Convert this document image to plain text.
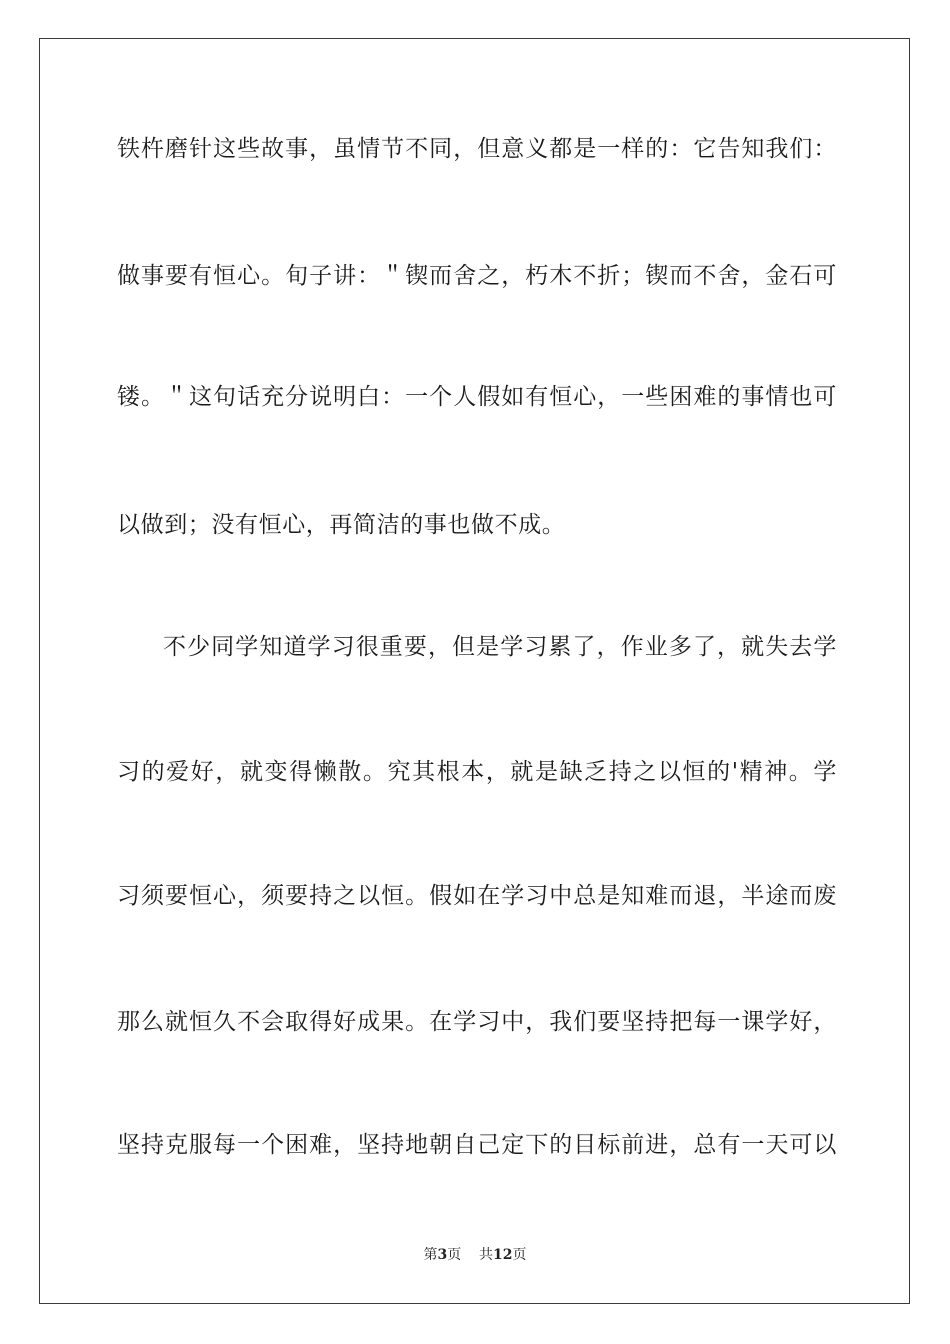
铁杵磨针这些故事，虽情节不同，但意义都是一样的：它告知我们：
做事要有恒心。旬子讲：＂锲而舍之，朽木不折；锲而不舍，金石可
镂。＂这句话充分说明白：一个人假如有恒心，一些困难的事情也可
以做到；没有恒心，再简洁的事也做不成。
不少同学知道学习很重要，但是学习累了，作业多了，就失去学
习的爱好，就变得懒散。究其根本，就是缺乏持之以恒的'精神。学
习须要恒心，须要持之以恒。假如在学习中总是知难而退，半途而废
那么就恒久不会取得好成果。在学习中，我们要坚持把每一课学好，
坚持克服每一个困难，坚持地朝自己定下的目标前进，总有一天可以
第3页 共12页
